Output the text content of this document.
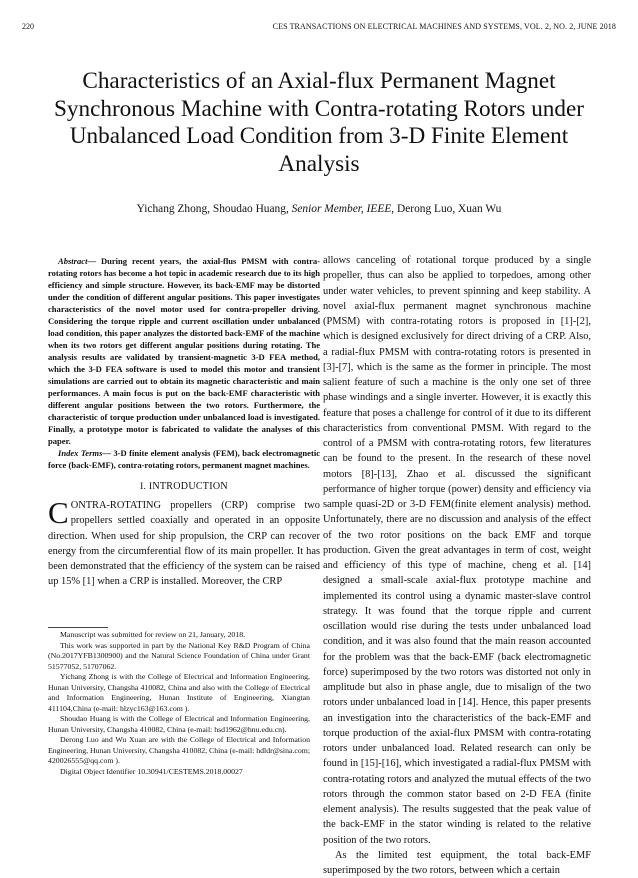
220	CES TRANSACTIONS ON ELECTRICAL MACHINES AND SYSTEMS, VOL. 2, NO. 2, JUNE 2018
Characteristics of an Axial-flux Permanent Magnet Synchronous Machine with Contra-rotating Rotors under Unbalanced Load Condition from 3-D Finite Element Analysis
Yichang Zhong, Shoudao Huang, Senior Member, IEEE, Derong Luo, Xuan Wu

Abstract— During recent years, the axial-flus PMSM with contra-rotating rotors has become a hot topic in academic research due to its high efficiency and simple structure. However, its back-EMF may be distorted under the condition of different angular positions. This paper investigates characteristics of the novel motor used for contra-propeller driving. Considering the torque ripple and current oscillation under unbalanced load condition, this paper analyzes the distorted back-EMF of the machine when its two rotors get different angular positions during rotating. The analysis results are validated by transient-magnetic 3-D FEA method, which the 3-D FEA software is used to model this motor and transient simulations are carried out to obtain its magnetic characteristic and main performances. A main focus is put on the back-EMF characteristic with different angular positions between the two rotors. Furthermore, the characteristic of torque production under unbalanced load is investigated. Finally, a prototype motor is fabricated to validate the analyses of this paper.

Index Terms— 3-D finite element analysis (FEM), back electromagnetic force (back-EMF), contra-rotating rotors, permanent magnet machines.

I. INTRODUCTION

CONTRA-ROTATING propellers (CRP) comprise two propellers settled coaxially and operated in an opposite direction. When used for ship propulsion, the CRP can recover energy from the circumferential flow of its main propeller. It has been demonstrated that the efficiency of the system can be raised up 15% [1] when a CRP is installed. Moreover, the CRP

Manuscript was submitted for review on 21, January, 2018.

This work was supported in part by the National Key R&D Program of China (No.2017YFB1300900) and the Natural Science Foundation of China under Grant 51577052, 51707062.

Yichang Zhong is with the College of Electrical and Information Engineering, Hunan University, Changsha 410082, China and also with the College of Electrical and Information Engineering, Hunan Institute of Engineering, Xiangtan 411104,China (e-mail: hlzyc163@163.com ).

Shoudao Huang is with the College of Electrical and Information Engineering, Hunan University, Changsha 410082, China (e-mail: hsd1962@hnu.edu.cn).

Derong Luo and Wu Xuan are with the College of Electrical and Information Engineering, Hunan University, Changsha 410082, China (e-mail: hdldr@sina.com; 420026555@qq.com ).

Digital Object Identifier 10.30941/CESTEMS.2018.00027

allows canceling of rotational torque produced by a single propeller, thus can also be applied to torpedoes, among other under water vehicles, to prevent spinning and keep stability. A novel axial-flux permanent magnet synchronous machine (PMSM) with contra-rotating rotors is proposed in [1]-[2], which is designed exclusively for direct driving of a CRP. Also, a radial-flux PMSM with contra-rotating rotors is presented in [3]-[7], which is the same as the former in principle. The most salient feature of such a machine is the only one set of three phase windings and a single inverter. However, it is exactly this feature that poses a challenge for control of it due to its different characteristics from conventional PMSM. With regard to the control of a PMSM with contra-rotating rotors, few literatures can be found to the present. In the research of these novel motors [8]-[13], Zhao et al. discussed the significant performance of higher torque (power) density and efficiency via sample quasi-2D or 3-D FEM(finite element analysis) method. Unfortunately, there are no discussion and analysis of the effect of the two rotor positions on the back EMF and torque production. Given the great advantages in term of cost, weight and efficiency of this type of machine, cheng et al. [14] designed a small-scale axial-flux prototype machine and implemented its control using a dynamic master-slave control strategy. It was found that the torque ripple and current oscillation would rise during the tests under unbalanced load condition, and it was also found that the main reason accounted for the problem was that the back-EMF (back electromagnetic force) superimposed by the two rotors was distorted not only in amplitude but also in phase angle, due to misalign of the two rotors under unbalanced load in [14]. Hence, this paper presents an investigation into the characteristics of the back-EMF and torque production of the axial-flux PMSM with contra-rotating rotors under unbalanced load. Related research can only be found in [15]-[16], which investigated a radial-flux PMSM with contra-rotating rotors and analyzed the mutual effects of the two rotors through the common stator based on 2-D FEA (finite element analysis). The results suggested that the peak value of the back-EMF in the stator winding is related to the relative position of the two rotors.

As the limited test equipment, the total back-EMF superimposed by the two rotors, between which a certain
